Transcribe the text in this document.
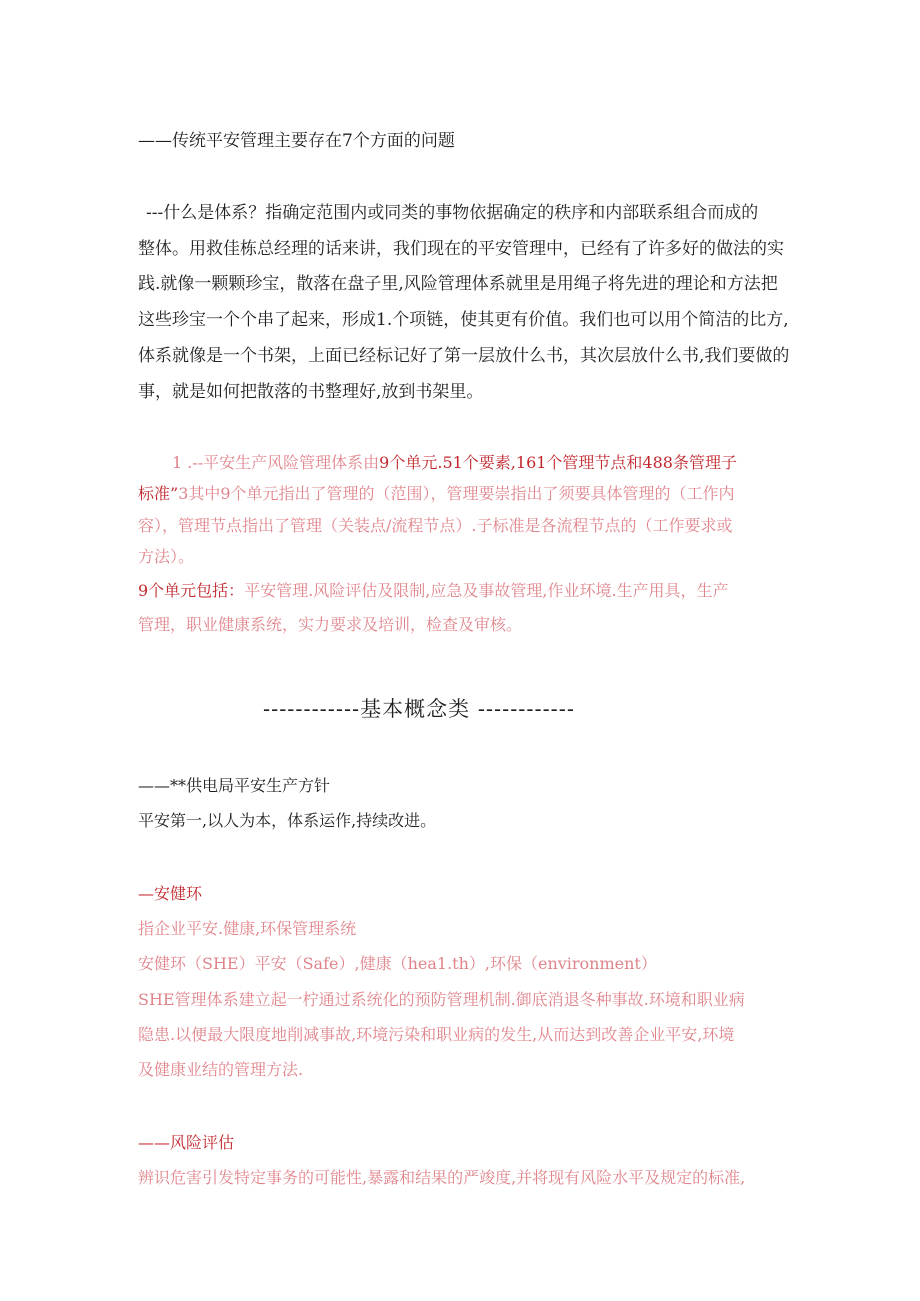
——传统平安管理主要存在7个方面的问题
---什么是体系？指确定范围内或同类的事物依据确定的秩序和内部联系组合而成的
整体。用救佳栋总经理的话来讲，我们现在的平安管理中，已经有了许多好的做法的实
践.就像一颗颗珍宝，散落在盘子里,风险管理体系就里是用绳子将先进的理论和方法把
这些珍宝一个个串了起来，形成1.个项链，使其更有价值。我们也可以用个简洁的比方,
体系就像是一个书架，上面已经标记好了第一层放什么书，其次层放什么书,我们要做的
事，就是如何把散落的书整理好,放到书架里。
1 .--平安生产风险管理体系由9个单元.51个要素,161个管理节点和488条管理子
标准”3其中9个单元指出了管理的（范围），管理要崇指出了须要具体管理的（工作内
容），管理节点指出了管理（关装点/流程节点）.子标准是各流程节点的（工作要求或
方法）。
9个单元包括：平安管理.风险评估及限制,应急及事故管理,作业环境.生产用具，生产
管理，职业健康系统，实力要求及培训，检查及审核。
------------基本概念类 ------------
——**供电局平安生产方针
平安第一,以人为本，体系运作,持续改进。
—安健环
指企业平安.健康,环保管理系统
安健环（SHE）平安（Safe）,健康（hea1.th）,环保（environment）
SHE管理体系建立起一柠通过系统化的预防管理机制.御底消退冬种事故.环境和职业病
隐患.以便最大限度地削减事故,环境污染和职业病的发生,从而达到改善企业平安,环境
及健康业结的管理方法.
——风险评估
辨识危害引发特定事务的可能性,暴露和结果的严竣度,并将现有风险水平及规定的标准,
